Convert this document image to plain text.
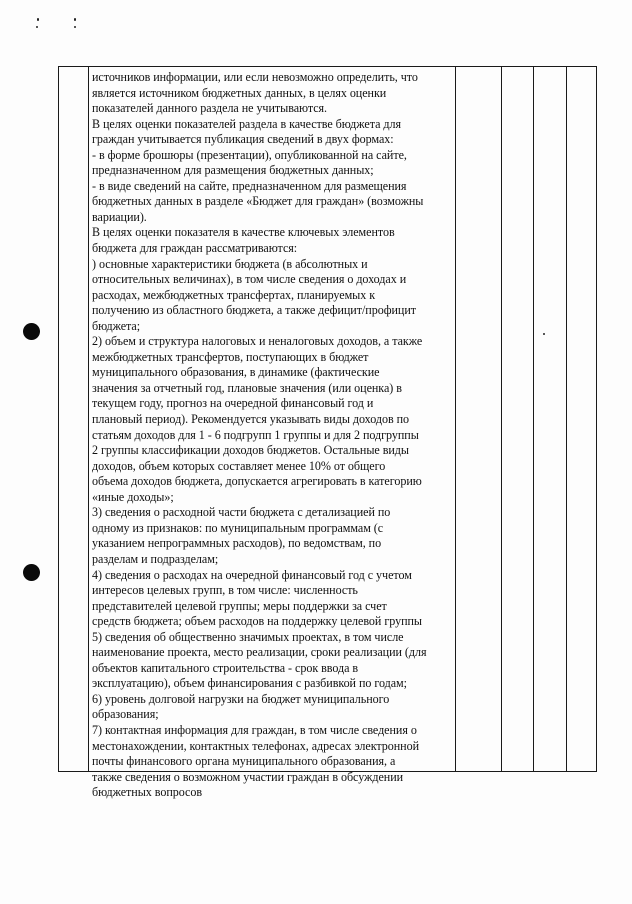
источников информации, или если невозможно определить, что
является источником бюджетных данных, в целях оценки
показателей данного раздела не учитываются.
В целях оценки показателей раздела в качестве бюджета для
граждан учитывается публикация сведений в двух формах:
- в форме брошюры (презентации), опубликованной на сайте,
предназначенном для размещения бюджетных данных;
- в виде сведений на сайте, предназначенном для размещения
бюджетных данных в разделе «Бюджет для граждан» (возможны
вариации).
В целях оценки показателя в качестве ключевых элементов
бюджета для граждан рассматриваются:
) основные характеристики бюджета (в абсолютных и
относительных величинах), в том числе сведения о доходах и
расходах, межбюджетных трансфертах, планируемых к
получению из областного бюджета, а также дефицит/профицит
бюджета;
2) объем и структура налоговых и неналоговых доходов, а также
межбюджетных трансфертов, поступающих в бюджет
муниципального образования, в динамике (фактические
значения за отчетный год, плановые значения (или оценка) в
текущем году, прогноз на очередной финансовый год и
плановый период). Рекомендуется указывать виды доходов по
статьям доходов для 1 - 6 подгрупп 1 группы и для 2 подгруппы
2 группы классификации доходов бюджетов. Остальные виды
доходов, объем которых составляет менее 10% от общего
объема доходов бюджета, допускается агрегировать в категорию
«иные доходы»;
3) сведения о расходной части бюджета с детализацией по
одному из признаков: по муниципальным программам (с
указанием непрограммных расходов), по ведомствам, по
разделам и подразделам;
4) сведения о расходах на очередной финансовый год с учетом
интересов целевых групп, в том числе: численность
представителей целевой группы; меры поддержки за счет
средств бюджета; объем расходов на поддержку целевой группы
5) сведения об общественно значимых проектах, в том числе
наименование проекта, место реализации, сроки реализации (для
объектов капитального строительства - срок ввода в
эксплуатацию), объем финансирования с разбивкой по годам;
6) уровень долговой нагрузки на бюджет муниципального
образования;
7) контактная информация для граждан, в том числе сведения о
местонахождении, контактных телефонах, адресах электронной
почты финансового органа муниципального образования, а
также сведения о возможном участии граждан в обсуждении
бюджетных вопросов
